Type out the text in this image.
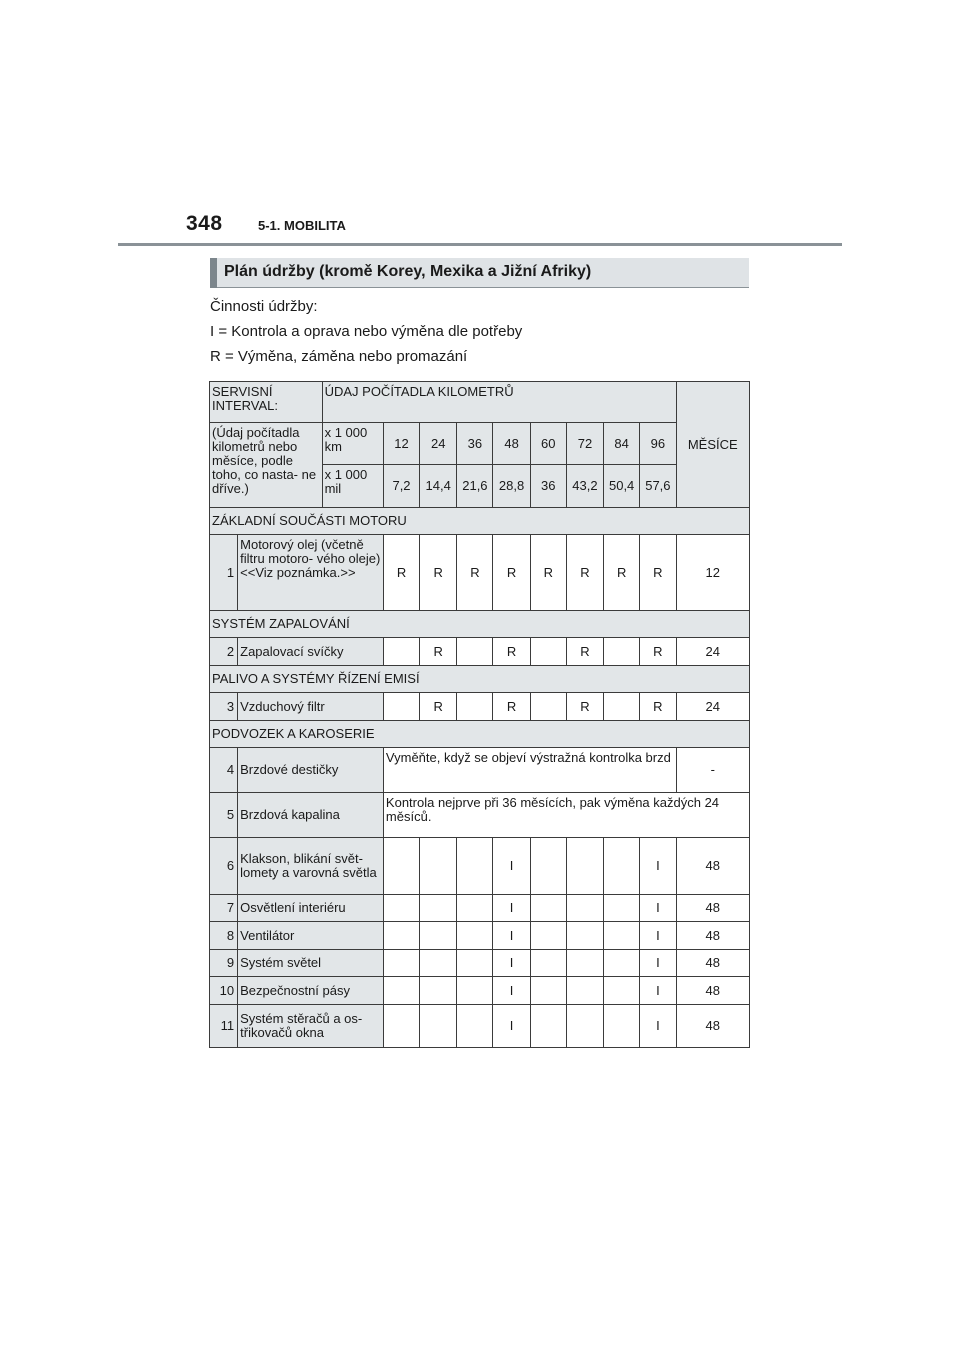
348	5-1. MOBILITA
Plán údržby (kromě Korey, Mexika a Jižní Afriky)
Činnosti údržby:
I = Kontrola a oprava nebo výměna dle potřeby
R = Výměna, záměna nebo promazání
SERVISNÍ INTERVAL:		ÚDAJ POČÍTADLA KILOMETRŮ									MĚSÍCE
(Údaj počítadla kilometrů nebo měsíce, podle toho, co nasta- ne dříve.)		x 1 000 km	12	24	36	48	60	72	84	96	
		x 1 000 mil	7,2	14,4	21,6	28,8	36	43,2	50,4	57,6	
ZÁKLADNÍ SOUČÁSTI MOTORU											
1	Motorový olej (včetně filtru motoro- vého oleje) <<Viz poznámka.>>		R	R	R	R	R	R	R	R	12
SYSTÉM ZAPALOVÁNÍ											
2	Zapalovací svíčky			R		R		R		R	24
PALIVO A SYSTÉMY ŘÍZENÍ EMISÍ											
3	Vzduchový filtr			R		R		R		R	24
PODVOZEK A KAROSERIE											
4	Brzdové destičky		Vyměňte, když se objeví výstražná kontrolka brzd								-
5	Brzdová kapalina		Kontrola nejprve při 36 měsících, pak výměna každých 24 měsíců.								
6	Klakson, blikání svět- lomety a varovná světla					I				I	48
7	Osvětlení interiéru					I				I	48
8	Ventilátor					I				I	48
9	Systém světel					I				I	48
10	Bezpečnostní pásy					I				I	48
11	Systém stěračů a os- třikovačů okna					I				I	48
